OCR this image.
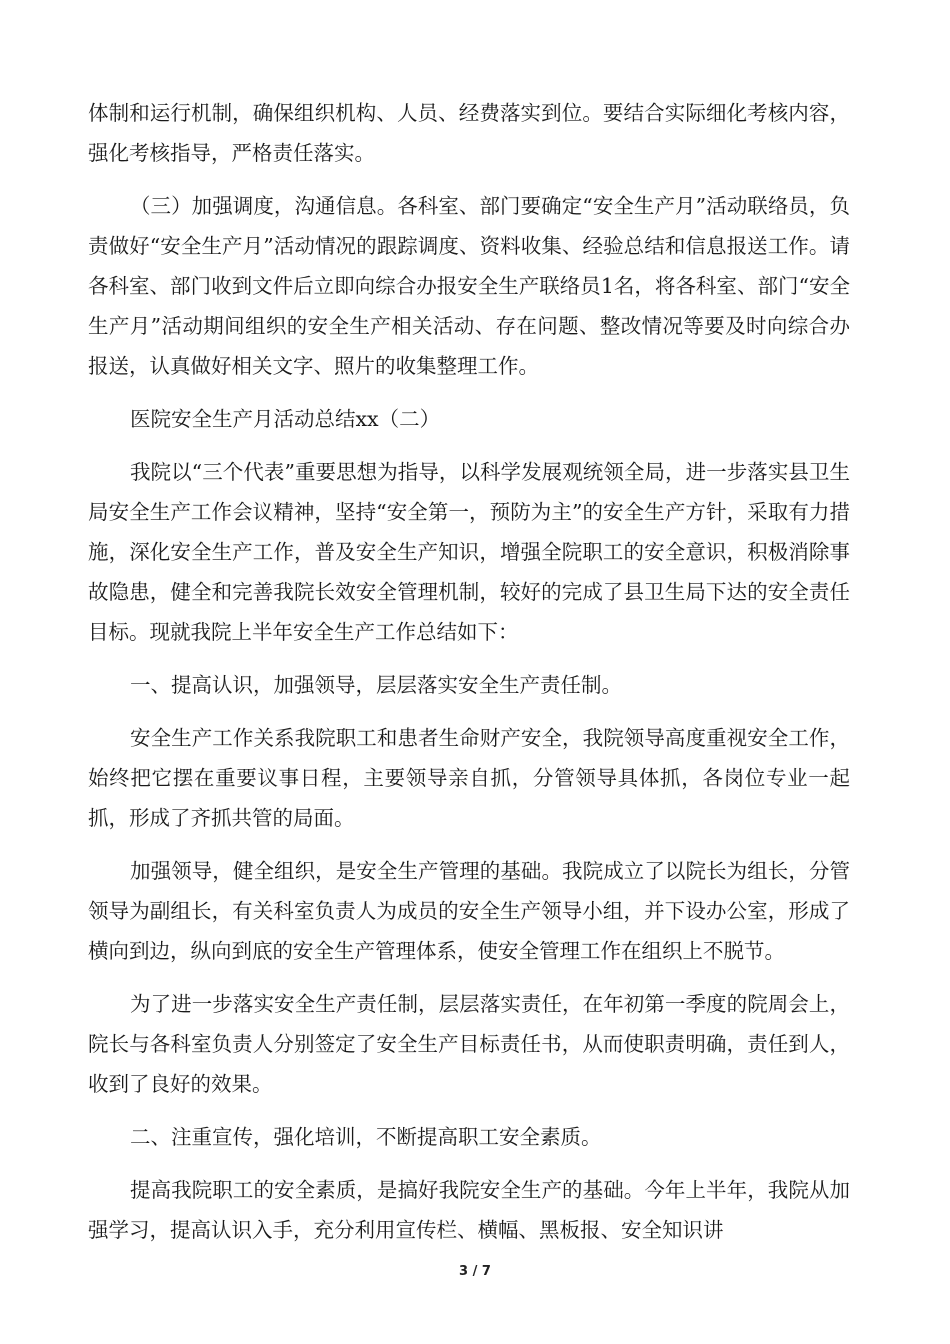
体制和运行机制，确保组织机构、人员、经费落实到位。要结合实际细化考核内容，强化考核指导，严格责任落实。

（三）加强调度，沟通信息。各科室、部门要确定“安全生产月”活动联络员，负责做好“安全生产月”活动情况的跟踪调度、资料收集、经验总结和信息报送工作。请各科室、部门收到文件后立即向综合办报安全生产联络员1名，将各科室、部门“安全生产月”活动期间组织的安全生产相关活动、存在问题、整改情况等要及时向综合办报送，认真做好相关文字、照片的收集整理工作。

医院安全生产月活动总结xx（二）

我院以“三个代表”重要思想为指导，以科学发展观统领全局，进一步落实县卫生局安全生产工作会议精神，坚持“安全第一，预防为主”的安全生产方针，采取有力措施，深化安全生产工作，普及安全生产知识，增强全院职工的安全意识，积极消除事故隐患，健全和完善我院长效安全管理机制，较好的完成了县卫生局下达的安全责任目标。现就我院上半年安全生产工作总结如下：

一、提高认识，加强领导，层层落实安全生产责任制。

安全生产工作关系我院职工和患者生命财产安全，我院领导高度重视安全工作，始终把它摆在重要议事日程，主要领导亲自抓，分管领导具体抓，各岗位专业一起抓，形成了齐抓共管的局面。

加强领导，健全组织，是安全生产管理的基础。我院成立了以院长为组长，分管领导为副组长，有关科室负责人为成员的安全生产领导小组，并下设办公室，形成了横向到边，纵向到底的安全生产管理体系，使安全管理工作在组织上不脱节。

为了进一步落实安全生产责任制，层层落实责任，在年初第一季度的院周会上，院长与各科室负责人分别签定了安全生产目标责任书，从而使职责明确，责任到人，收到了良好的效果。

二、注重宣传，强化培训，不断提高职工安全素质。

提高我院职工的安全素质，是搞好我院安全生产的基础。今年上半年，我院从加强学习，提高认识入手，充分利用宣传栏、横幅、黑板报、安全知识讲

3 / 7
